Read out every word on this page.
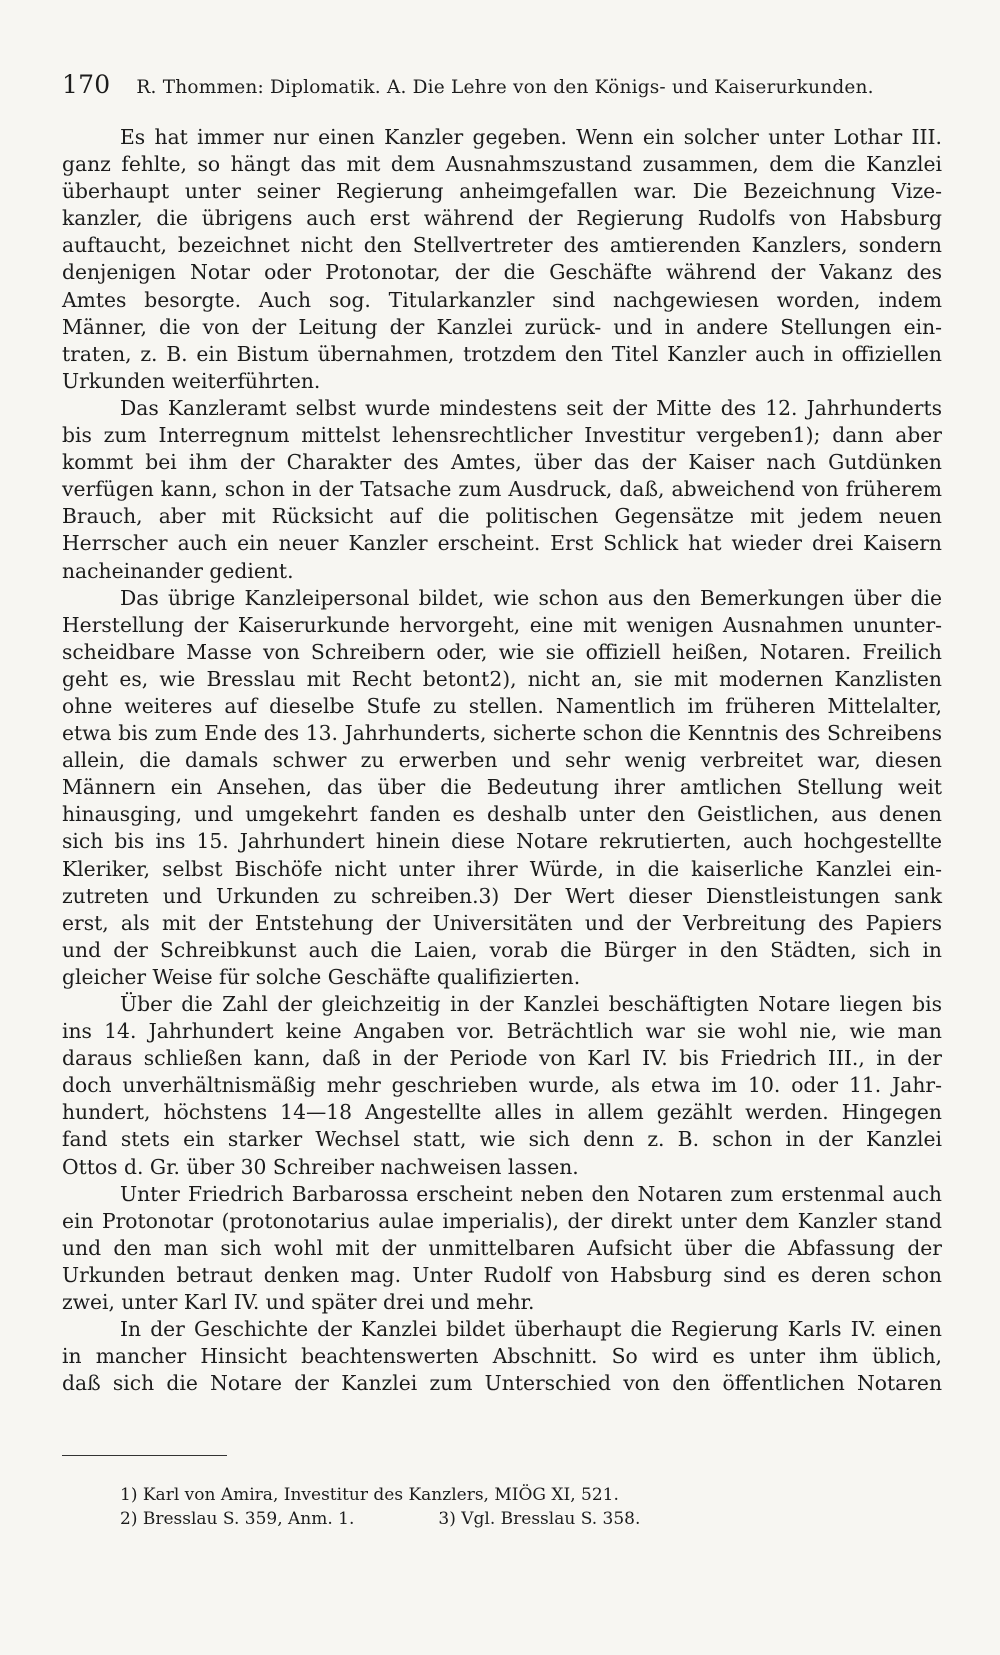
170 R. Thommen: Diplomatik. A. Die Lehre von den Königs- und Kaiserurkunden.
Es hat immer nur einen Kanzler gegeben. Wenn ein solcher unter Lothar III.
ganz fehlte, so hängt das mit dem Ausnahmszustand zusammen, dem die Kanzlei
überhaupt unter seiner Regierung anheimgefallen war. Die Bezeichnung Vize-
kanzler, die übrigens auch erst während der Regierung Rudolfs von Habsburg
auftaucht, bezeichnet nicht den Stellvertreter des amtierenden Kanzlers, sondern
denjenigen Notar oder Protonotar, der die Geschäfte während der Vakanz des
Amtes besorgte. Auch sog. Titularkanzler sind nachgewiesen worden, indem
Männer, die von der Leitung der Kanzlei zurück- und in andere Stellungen ein-
traten, z. B. ein Bistum übernahmen, trotzdem den Titel Kanzler auch in offiziellen
Urkunden weiterführten.
Das Kanzleramt selbst wurde mindestens seit der Mitte des 12. Jahrhunderts
bis zum Interregnum mittelst lehensrechtlicher Investitur vergeben1); dann aber
kommt bei ihm der Charakter des Amtes, über das der Kaiser nach Gutdünken
verfügen kann, schon in der Tatsache zum Ausdruck, daß, abweichend von früherem
Brauch, aber mit Rücksicht auf die politischen Gegensätze mit jedem neuen
Herrscher auch ein neuer Kanzler erscheint. Erst Schlick hat wieder drei Kaisern
nacheinander gedient.
Das übrige Kanzleipersonal bildet, wie schon aus den Bemerkungen über die
Herstellung der Kaiserurkunde hervorgeht, eine mit wenigen Ausnahmen ununter-
scheidbare Masse von Schreibern oder, wie sie offiziell heißen, Notaren. Freilich
geht es, wie Bresslau mit Recht betont2), nicht an, sie mit modernen Kanzlisten
ohne weiteres auf dieselbe Stufe zu stellen. Namentlich im früheren Mittelalter,
etwa bis zum Ende des 13. Jahrhunderts, sicherte schon die Kenntnis des Schreibens
allein, die damals schwer zu erwerben und sehr wenig verbreitet war, diesen
Männern ein Ansehen, das über die Bedeutung ihrer amtlichen Stellung weit
hinausging, und umgekehrt fanden es deshalb unter den Geistlichen, aus denen
sich bis ins 15. Jahrhundert hinein diese Notare rekrutierten, auch hochgestellte
Kleriker, selbst Bischöfe nicht unter ihrer Würde, in die kaiserliche Kanzlei ein-
zutreten und Urkunden zu schreiben.3) Der Wert dieser Dienstleistungen sank
erst, als mit der Entstehung der Universitäten und der Verbreitung des Papiers
und der Schreibkunst auch die Laien, vorab die Bürger in den Städten, sich in
gleicher Weise für solche Geschäfte qualifizierten.
Über die Zahl der gleichzeitig in der Kanzlei beschäftigten Notare liegen bis
ins 14. Jahrhundert keine Angaben vor. Beträchtlich war sie wohl nie, wie man
daraus schließen kann, daß in der Periode von Karl IV. bis Friedrich III., in der
doch unverhältnismäßig mehr geschrieben wurde, als etwa im 10. oder 11. Jahr-
hundert, höchstens 14—18 Angestellte alles in allem gezählt werden. Hingegen
fand stets ein starker Wechsel statt, wie sich denn z. B. schon in der Kanzlei
Ottos d. Gr. über 30 Schreiber nachweisen lassen.
Unter Friedrich Barbarossa erscheint neben den Notaren zum erstenmal auch
ein Protonotar (protonotarius aulae imperialis), der direkt unter dem Kanzler stand
und den man sich wohl mit der unmittelbaren Aufsicht über die Abfassung der
Urkunden betraut denken mag. Unter Rudolf von Habsburg sind es deren schon
zwei, unter Karl IV. und später drei und mehr.
In der Geschichte der Kanzlei bildet überhaupt die Regierung Karls IV. einen
in mancher Hinsicht beachtenswerten Abschnitt. So wird es unter ihm üblich,
daß sich die Notare der Kanzlei zum Unterschied von den öffentlichen Notaren
1) Karl von Amira, Investitur des Kanzlers, MIÖG XI, 521.
2) Bresslau S. 359, Anm. 1.	3) Vgl. Bresslau S. 358.
